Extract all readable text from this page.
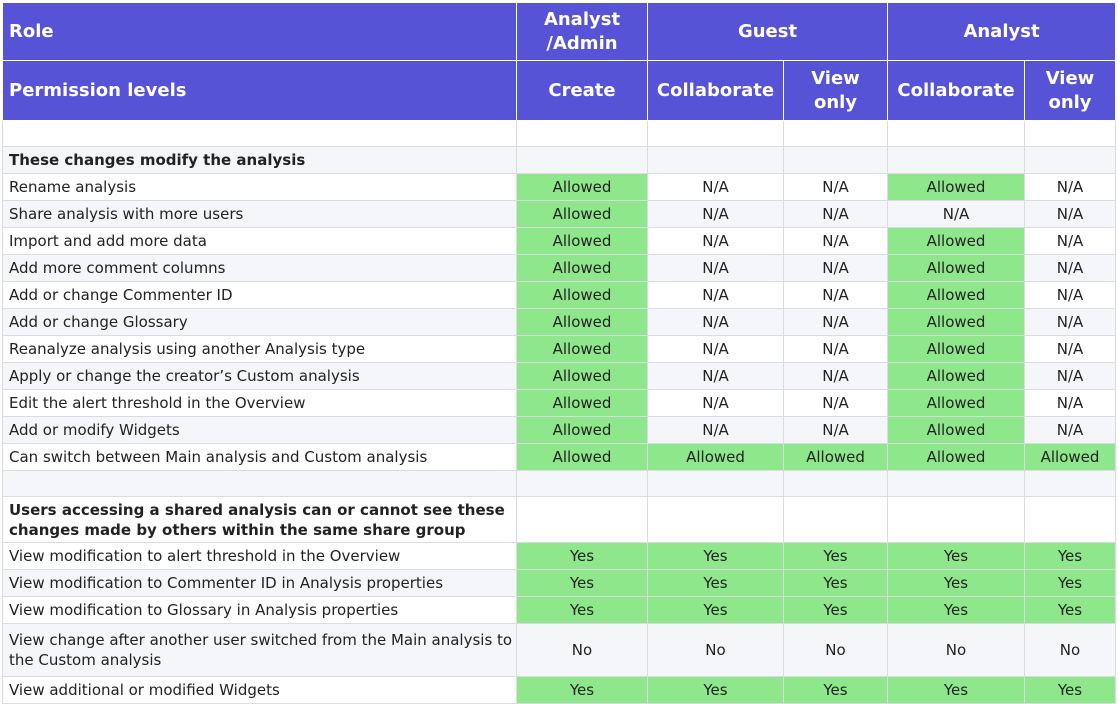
Role	Analyst /Admin	Guest		Analyst	
Permission levels	Create	Collaborate	View only	Collaborate	View only

These changes modify the analysis					
Rename analysis	Allowed	N/A	N/A	Allowed	N/A
Share analysis with more users	Allowed	N/A	N/A	N/A	N/A
Import and add more data	Allowed	N/A	N/A	Allowed	N/A
Add more comment columns	Allowed	N/A	N/A	Allowed	N/A
Add or change Commenter ID	Allowed	N/A	N/A	Allowed	N/A
Add or change Glossary	Allowed	N/A	N/A	Allowed	N/A
Reanalyze analysis using another Analysis type	Allowed	N/A	N/A	Allowed	N/A
Apply or change the creator’s Custom analysis	Allowed	N/A	N/A	Allowed	N/A
Edit the alert threshold in the Overview	Allowed	N/A	N/A	Allowed	N/A
Add or modify Widgets	Allowed	N/A	N/A	Allowed	N/A
Can switch between Main analysis and Custom analysis	Allowed	Allowed	Allowed	Allowed	Allowed

Users accessing a shared analysis can or cannot see these changes made by others within the same share group					
View modification to alert threshold in the Overview	Yes	Yes	Yes	Yes	Yes
View modification to Commenter ID in Analysis properties	Yes	Yes	Yes	Yes	Yes
View modification to Glossary in Analysis properties	Yes	Yes	Yes	Yes	Yes
View change after another user switched from the Main analysis to the Custom analysis	No	No	No	No	No
View additional or modified Widgets	Yes	Yes	Yes	Yes	Yes
